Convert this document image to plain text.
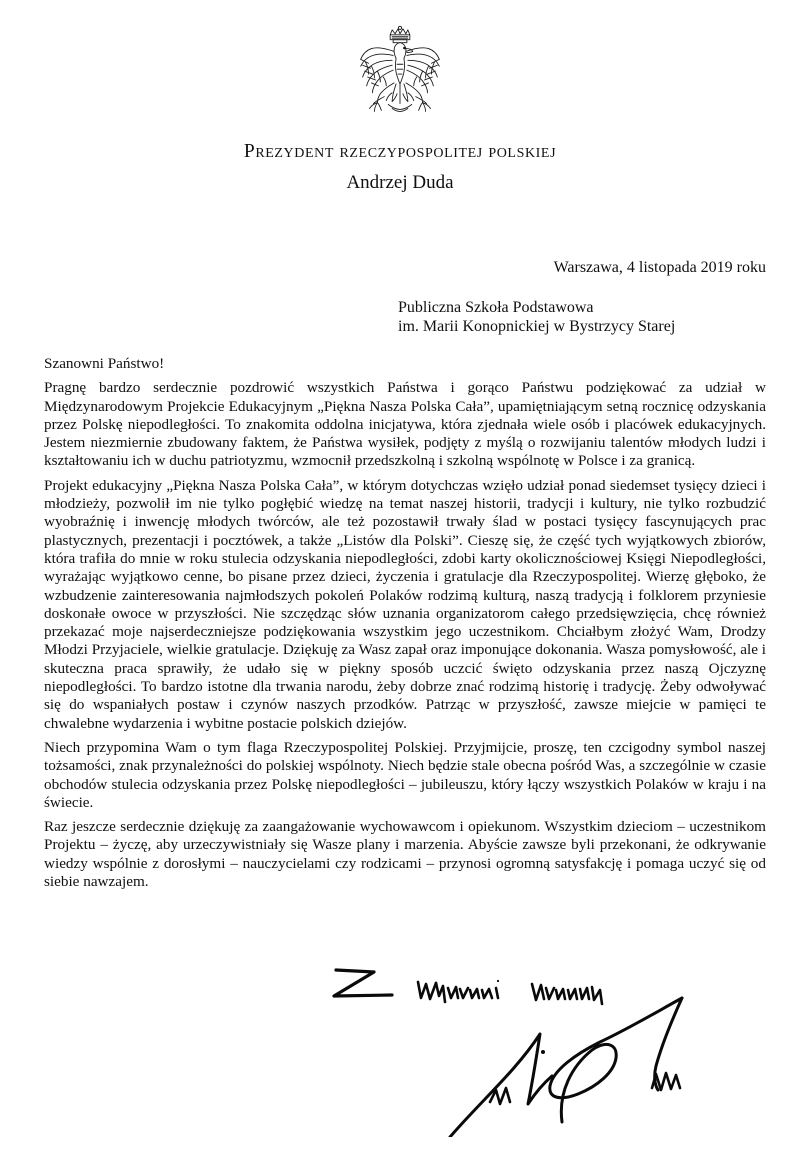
Prezydent rzeczypospolitej polskiej
Andrzej Duda
Warszawa, 4 listopada 2019 roku
Publiczna Szkoła Podstawowa
im. Marii Konopnickiej w Bystrzycy Starej

Szanowni Państwo!

Pragnę bardzo serdecznie pozdrowić wszystkich Państwa i gorąco Państwu podziękować za udział w Międzynarodowym Projekcie Edukacyjnym „Piękna Nasza Polska Cała”, upamiętniającym setną rocznicę odzyskania przez Polskę niepodległości. To znakomita oddolna inicjatywa, która zjednała wiele osób i placówek edukacyjnych. Jestem niezmiernie zbudowany faktem, że Państwa wysiłek, podjęty z myślą o rozwijaniu talentów młodych ludzi i kształtowaniu ich w duchu patriotyzmu, wzmocnił przedszkolną i szkolną wspólnotę w Polsce i za granicą.

Projekt edukacyjny „Piękna Nasza Polska Cała”, w którym dotychczas wzięło udział ponad siedemset tysięcy dzieci i młodzieży, pozwolił im nie tylko pogłębić wiedzę na temat naszej historii, tradycji i kultury, nie tylko rozbudzić wyobraźnię i inwencję młodych twórców, ale też pozostawił trwały ślad w postaci tysięcy fascynujących prac plastycznych, prezentacji i pocztówek, a także „Listów dla Polski”. Cieszę się, że część tych wyjątkowych zbiorów, która trafiła do mnie w roku stulecia odzyskania niepodległości, zdobi karty okolicznościowej Księgi Niepodległości, wyrażając wyjątkowo cenne, bo pisane przez dzieci, życzenia i gratulacje dla Rzeczypospolitej. Wierzę głęboko, że wzbudzenie zainteresowania najmłodszych pokoleń Polaków rodzimą kulturą, naszą tradycją i folklorem przyniesie doskonałe owoce w przyszłości. Nie szczędząc słów uznania organizatorom całego przedsięwzięcia, chcę również przekazać moje najserdeczniejsze podziękowania wszystkim jego uczestnikom. Chciałbym złożyć Wam, Drodzy Młodzi Przyjaciele, wielkie gratulacje. Dziękuję za Wasz zapał oraz imponujące dokonania. Wasza pomysłowość, ale i skuteczna praca sprawiły, że udało się w piękny sposób uczcić święto odzyskania przez naszą Ojczyznę niepodległości. To bardzo istotne dla trwania narodu, żeby dobrze znać rodzimą historię i tradycję. Żeby odwoływać się do wspaniałych postaw i czynów naszych przodków. Patrząc w przyszłość, zawsze miejcie w pamięci te chwalebne wydarzenia i wybitne postacie polskich dziejów.

Niech przypomina Wam o tym flaga Rzeczypospolitej Polskiej. Przyjmijcie, proszę, ten czcigodny symbol naszej tożsamości, znak przynależności do polskiej wspólnoty. Niech będzie stale obecna pośród Was, a szczególnie w czasie obchodów stulecia odzyskania przez Polskę niepodległości – jubileuszu, który łączy wszystkich Polaków w kraju i na świecie.

Raz jeszcze serdecznie dziękuję za zaangażowanie wychowawcom i opiekunom. Wszystkim dzieciom – uczestnikom Projektu – życzę, aby urzeczywistniały się Wasze plany i marzenia. Abyście zawsze byli przekonani, że odkrywanie wiedzy wspólnie z dorosłymi – nauczycielami czy rodzicami – przynosi ogromną satysfakcję i pomaga uczyć się od siebie nawzajem.
